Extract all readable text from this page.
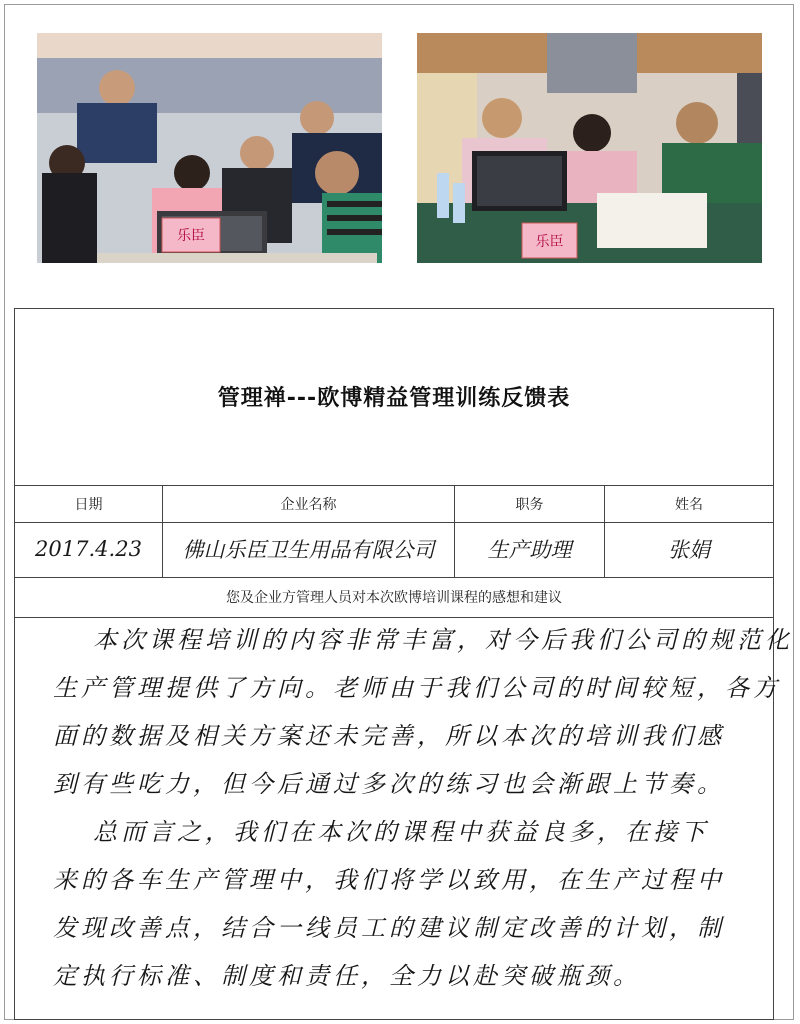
乐臣	乐臣
管理禅---欧博精益管理训练反馈表
日期	企业名称	职务	姓名
2017.4.23	佛山乐臣卫生用品有限公司	生产助理	张娟
您及企业方管理人员对本次欧博培训课程的感想和建议
本次课程培训的内容非常丰富，对今后我们公司的规范化
生产管理提供了方向。老师由于我们公司的时间较短，各方
面的数据及相关方案还未完善，所以本次的培训我们感
到有些吃力，但今后通过多次的练习也会渐跟上节奏。
总而言之，我们在本次的课程中获益良多，在接下
来的各车生产管理中，我们将学以致用，在生产过程中
发现改善点，结合一线员工的建议制定改善的计划，制
定执行标准、制度和责任，全力以赴突破瓶颈。
